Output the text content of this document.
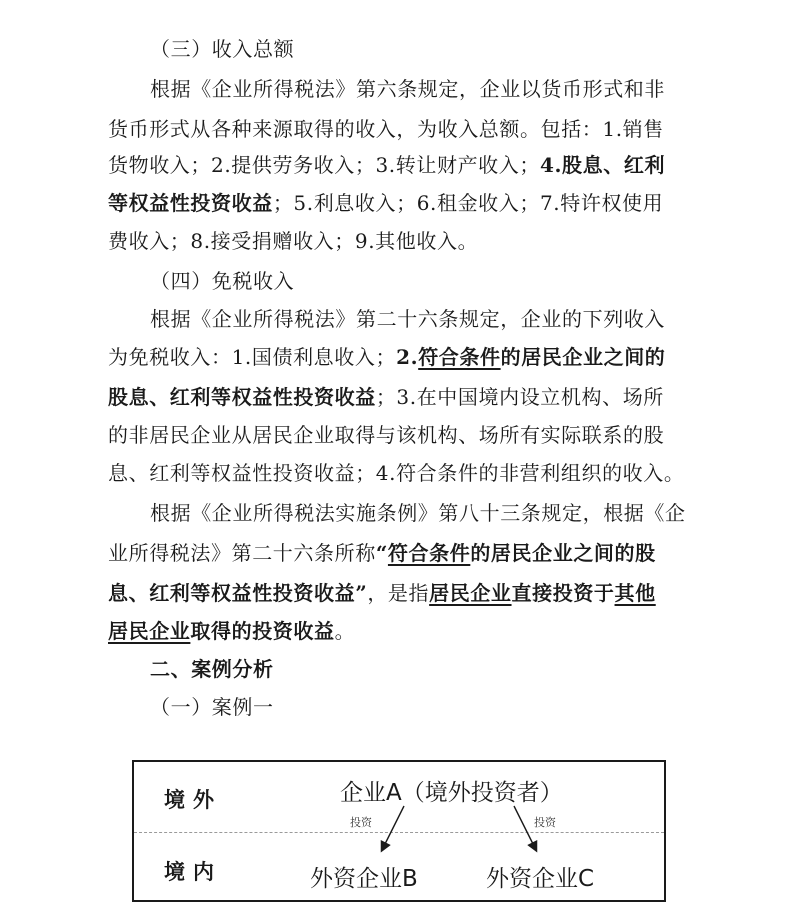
（三）收入总额
根据《企业所得税法》第六条规定，企业以货币形式和非
货币形式从各种来源取得的收入，为收入总额。包括：1.销售
货物收入；2.提供劳务收入；3.转让财产收入；4.股息、红利
等权益性投资收益；5.利息收入；6.租金收入；7.特许权使用
费收入；8.接受捐赠收入；9.其他收入。
（四）免税收入
根据《企业所得税法》第二十六条规定，企业的下列收入
为免税收入：1.国债利息收入；2.符合条件的居民企业之间的
股息、红利等权益性投资收益；3.在中国境内设立机构、场所
的非居民企业从居民企业取得与该机构、场所有实际联系的股
息、红利等权益性投资收益；4.符合条件的非营利组织的收入。
根据《企业所得税法实施条例》第八十三条规定，根据《企
业所得税法》第二十六条所称“符合条件的居民企业之间的股
息、红利等权益性投资收益”，是指居民企业直接投资于其他
居民企业取得的投资收益。
二、案例分析
（一）案例一
境外
境内
企业A（境外投资者）
外资企业B	外资企业C
投资	投资
